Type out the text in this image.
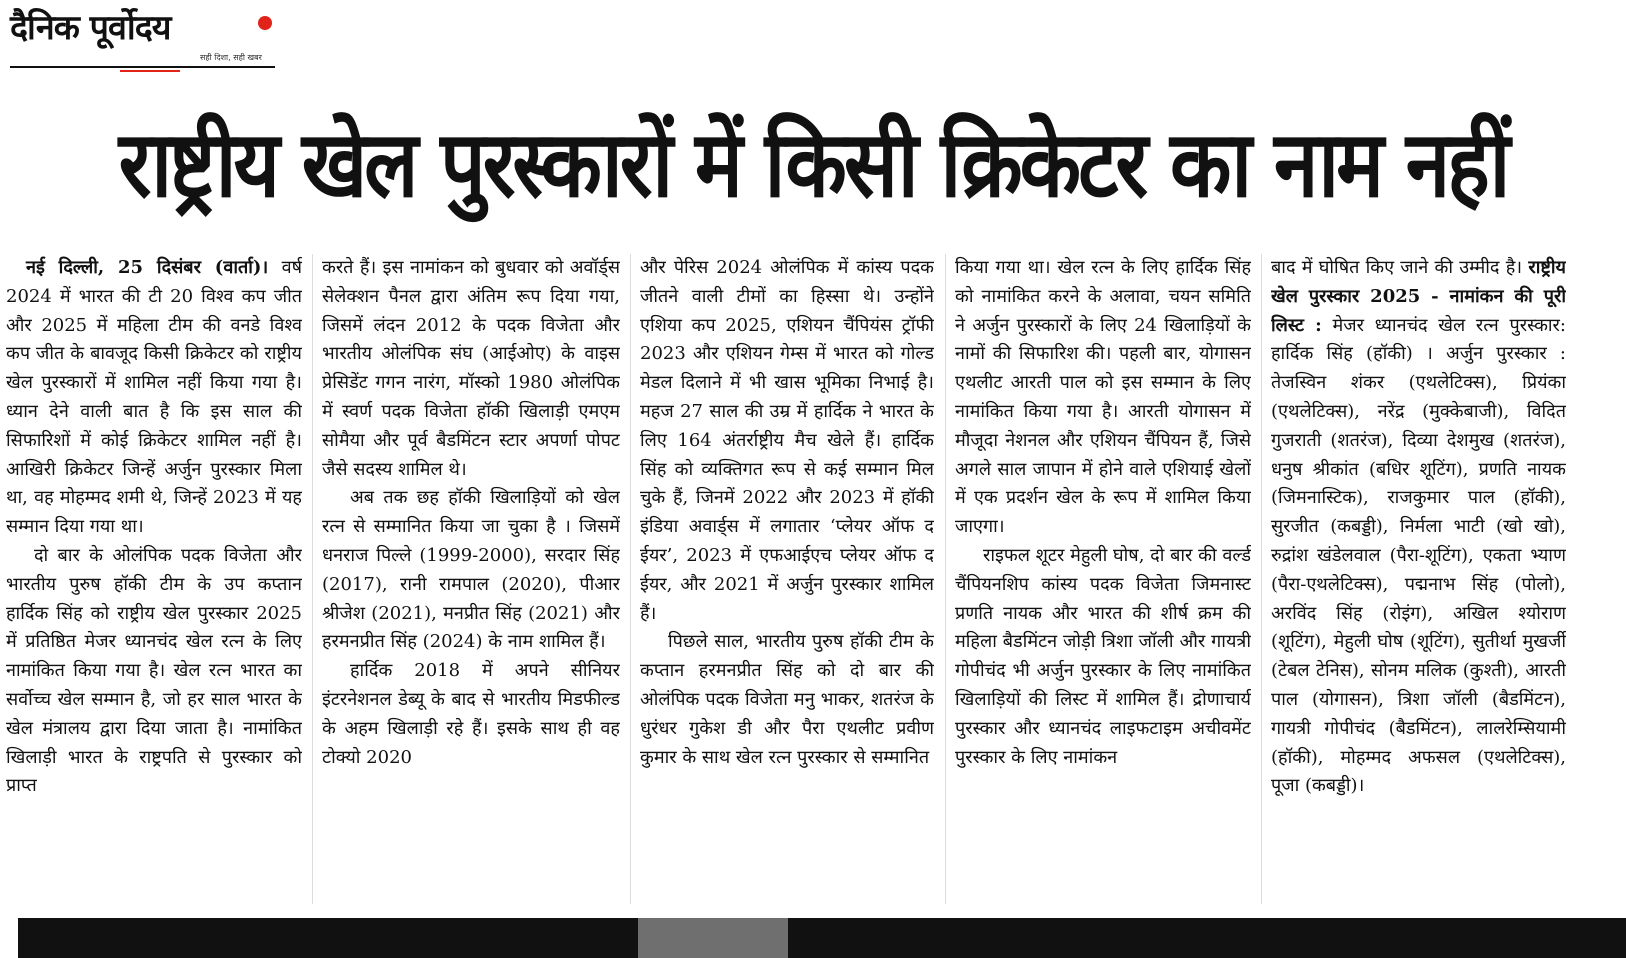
दैनिक पूर्वोदय
सही दिशा, सही खबर
राष्ट्रीय खेल पुरस्कारों में किसी क्रिकेटर का नाम नहीं

नई दिल्ली, 25 दिसंबर (वार्ता)। वर्ष 2024 में भारत की टी 20 विश्व कप जीत और 2025 में महिला टीम की वनडे विश्व कप जीत के बावजूद किसी क्रिकेटर को राष्ट्रीय खेल पुरस्कारों में शामिल नहीं किया गया है। ध्यान देने वाली बात है कि इस साल की सिफारिशों में कोई क्रिकेटर शामिल नहीं है। आखिरी क्रिकेटर जिन्हें अर्जुन पुरस्कार मिला था, वह मोहम्मद शमी थे, जिन्हें 2023 में यह सम्मान दिया गया था।

दो बार के ओलंपिक पदक विजेता और भारतीय पुरुष हॉकी टीम के उप कप्तान हार्दिक सिंह को राष्ट्रीय खेल पुरस्कार 2025 में प्रतिष्ठित मेजर ध्यानचंद खेल रत्न के लिए नामांकित किया गया है। खेल रत्न भारत का सर्वोच्च खेल सम्मान है, जो हर साल भारत के खेल मंत्रालय द्वारा दिया जाता है। नामांकित खिलाड़ी भारत के राष्ट्रपति से पुरस्कार को प्राप्त

करते हैं। इस नामांकन को बुधवार को अवॉर्ड्स सेलेक्शन पैनल द्वारा अंतिम रूप दिया गया, जिसमें लंदन 2012 के पदक विजेता और भारतीय ओलंपिक संघ (आईओए) के वाइस प्रेसिडेंट गगन नारंग, मॉस्को 1980 ओलंपिक में स्वर्ण पदक विजेता हॉकी खिलाड़ी एमएम सोमैया और पूर्व बैडमिंटन स्टार अपर्णा पोपट जैसे सदस्य शामिल थे।

अब तक छह हॉकी खिलाड़ियों को खेल रत्न से सम्मानित किया जा चुका है । जिसमें धनराज पिल्ले (1999-2000), सरदार सिंह (2017), रानी रामपाल (2020), पीआर श्रीजेश (2021), मनप्रीत सिंह (2021) और हरमनप्रीत सिंह (2024) के नाम शामिल हैं।

हार्दिक 2018 में अपने सीनियर इंटरनेशनल डेब्यू के बाद से भारतीय मिडफील्ड के अहम खिलाड़ी रहे हैं। इसके साथ ही वह टोक्यो 2020

और पेरिस 2024 ओलंपिक में कांस्य पदक जीतने वाली टीमों का हिस्सा थे। उन्होंने एशिया कप 2025, एशियन चैंपियंस ट्रॉफी 2023 और एशियन गेम्स में भारत को गोल्ड मेडल दिलाने में भी खास भूमिका निभाई है। महज 27 साल की उम्र में हार्दिक ने भारत के लिए 164 अंतर्राष्ट्रीय मैच खेले हैं। हार्दिक सिंह को व्यक्तिगत रूप से कई सम्मान मिल चुके हैं, जिनमें 2022 और 2023 में हॉकी इंडिया अवार्ड्स में लगातार ‘प्लेयर ऑफ द ईयर’, 2023 में एफआईएच प्लेयर ऑफ द ईयर, और 2021 में अर्जुन पुरस्कार शामिल हैं।

पिछले साल, भारतीय पुरुष हॉकी टीम के कप्तान हरमनप्रीत सिंह को दो बार की ओलंपिक पदक विजेता मनु भाकर, शतरंज के धुरंधर गुकेश डी और पैरा एथलीट प्रवीण कुमार के साथ खेल रत्न पुरस्कार से सम्मानित

किया गया था। खेल रत्न के लिए हार्दिक सिंह को नामांकित करने के अलावा, चयन समिति ने अर्जुन पुरस्कारों के लिए 24 खिलाड़ियों के नामों की सिफारिश की। पहली बार, योगासन एथलीट आरती पाल को इस सम्मान के लिए नामांकित किया गया है। आरती योगासन में मौजूदा नेशनल और एशियन चैंपियन हैं, जिसे अगले साल जापान में होने वाले एशियाई खेलों में एक प्रदर्शन खेल के रूप में शामिल किया जाएगा।

राइफल शूटर मेहुली घोष, दो बार की वर्ल्ड चैंपियनशिप कांस्य पदक विजेता जिमनास्ट प्रणति नायक और भारत की शीर्ष क्रम की महिला बैडमिंटन जोड़ी त्रिशा जॉली और गायत्री गोपीचंद भी अर्जुन पुरस्कार के लिए नामांकित खिलाड़ियों की लिस्ट में शामिल हैं। द्रोणाचार्य पुरस्कार और ध्यानचंद लाइफटाइम अचीवमेंट पुरस्कार के लिए नामांकन

बाद में घोषित किए जाने की उम्मीद है। राष्ट्रीय खेल पुरस्कार 2025 - नामांकन की पूरी लिस्ट : मेजर ध्यानचंद खेल रत्न पुरस्कार: हार्दिक सिंह (हॉकी) । अर्जुन पुरस्कार : तेजस्विन शंकर (एथलेटिक्स), प्रियंका (एथलेटिक्स), नरेंद्र (मुक्केबाजी), विदित गुजराती (शतरंज), दिव्या देशमुख (शतरंज), धनुष श्रीकांत (बधिर शूटिंग), प्रणति नायक (जिमनास्टिक), राजकुमार पाल (हॉकी), सुरजीत (कबड्डी), निर्मला भाटी (खो खो), रुद्रांश खंडेलवाल (पैरा-शूटिंग), एकता भ्याण (पैरा-एथलेटिक्स), पद्मनाभ सिंह (पोलो), अरविंद सिंह (रोइंग), अखिल श्योराण (शूटिंग), मेहुली घोष (शूटिंग), सुतीर्था मुखर्जी (टेबल टेनिस), सोनम मलिक (कुश्ती), आरती पाल (योगासन), त्रिशा जॉली (बैडमिंटन), गायत्री गोपीचंद (बैडमिंटन), लालरेम्सियामी (हॉकी), मोहम्मद अफसल (एथलेटिक्स), पूजा (कबड्डी)।
